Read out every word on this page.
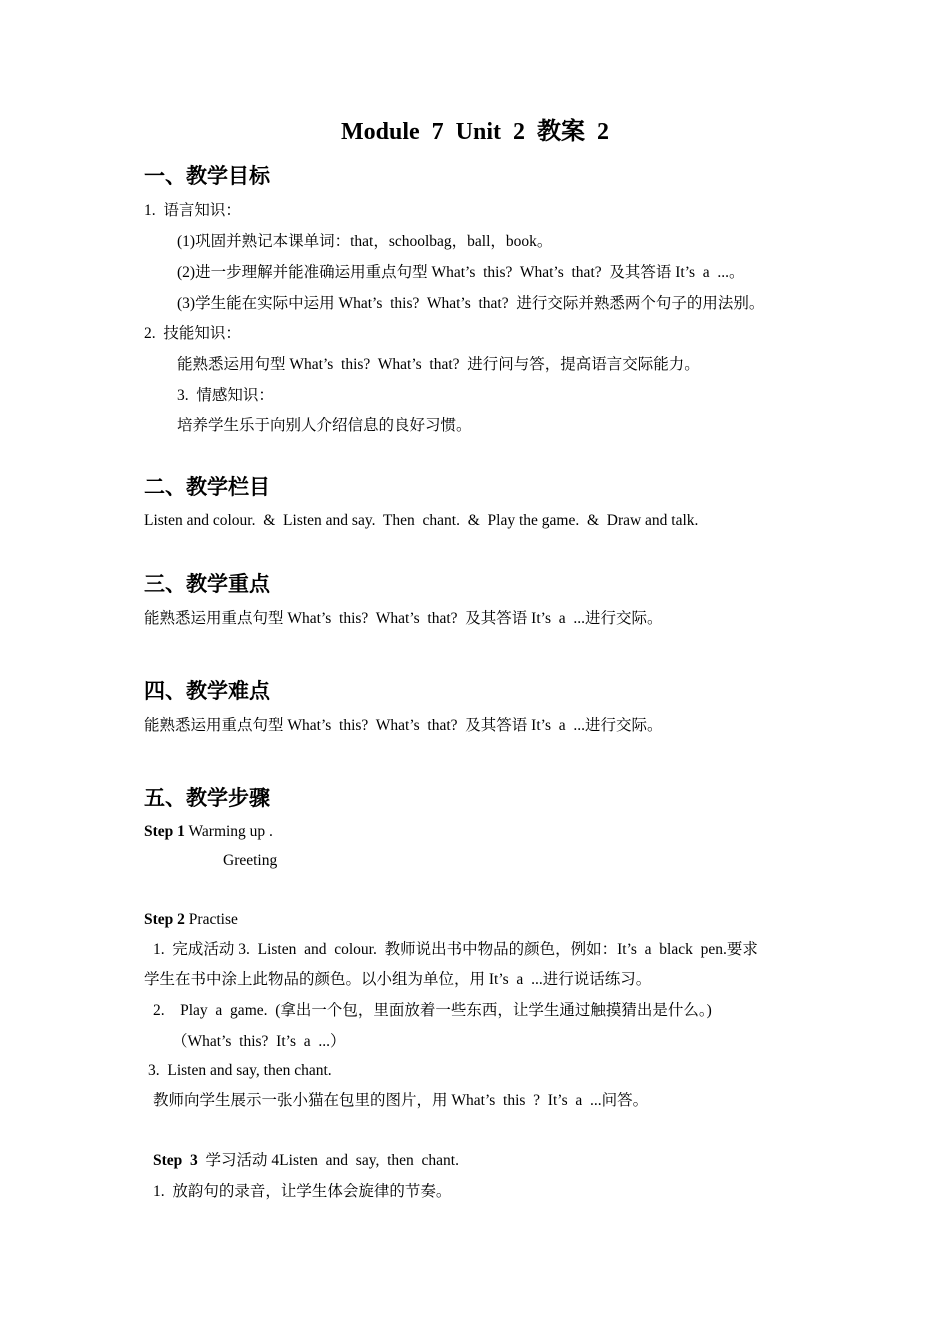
Module  7  Unit  2  教案  2
一、教学目标
1.  语言知识：
(1)巩固并熟记本课单词：that，schoolbag，ball，book。
(2)进一步理解并能准确运用重点句型 What’s  this?  What’s  that?  及其答语 It’s  a  ...。
(3)学生能在实际中运用 What’s  this?  What’s  that?  进行交际并熟悉两个句子的用法别。
2.  技能知识：
能熟悉运用句型 What’s  this?  What’s  that?  进行问与答，提高语言交际能力。
3.  情感知识：
培养学生乐于向别人介绍信息的良好习惯。
二、教学栏目
Listen and colour.  &  Listen and say.  Then  chant.  &  Play the game.  &  Draw and talk.
三、教学重点
能熟悉运用重点句型 What’s  this?  What’s  that?  及其答语 It’s  a  ...进行交际。
四、教学难点
能熟悉运用重点句型 What’s  this?  What’s  that?  及其答语 It’s  a  ...进行交际。
五、教学步骤
Step 1 Warming up .
Greeting
Step 2 Practise
1.  完成活动 3.  Listen  and  colour.  教师说出书中物品的颜色，例如：It’s  a  black  pen.要求
学生在书中涂上此物品的颜色。以小组为单位，用 It’s  a  ...进行说话练习。
2.    Play  a  game.  (拿出一个包，里面放着一些东西，让学生通过触摸猜出是什么。)
（What’s  this?  It’s  a  ...）
3.  Listen and say, then chant.
教师向学生展示一张小猫在包里的图片，用 What’s  this  ?  It’s  a  ...问答。
Step  3  学习活动 4Listen  and  say,  then  chant.
1.  放韵句的录音，让学生体会旋律的节奏。
